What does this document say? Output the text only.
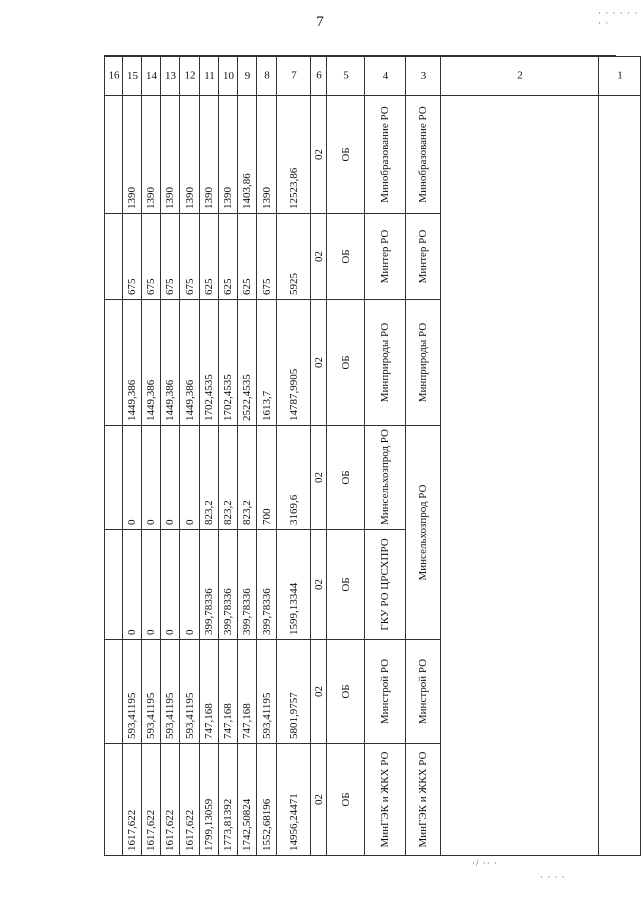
7
· · · · · · · ·
· · · ·
·/ ·· ·
							16
1617,622	593,41195	0	0	1449,386	675	1390	15
1617,622	593,41195	0	0	1449,386	675	1390	14
1617,622	593,41195	0	0	1449,386	675	1390	13
1617,622	593,41195	0	0	1449,386	675	1390	12
1799,13059	747,168	399,78336	823,2	1702,4535	625	1390	11
1773,81392	747,168	399,78336	823,2	1702,4535	625	1390	10
1742,50824	747,168	399,78336	823,2	2522,4535	625	1403,86	9
1552,68196	593,41195	399,78336	700	1613,7	675	1390	8
14956,24471	5801,9757	1599,13344	3169,6	14787,9905	5925	12523,86	7
02	02	02	02	02	02	02	6
ОБ	ОБ	ОБ	ОБ	ОБ	ОБ	ОБ	5
МинГЭК и ЖКХ РО	Минстрой РО	ГКУ РО ЦРСХПРО	Минсельхозпрод РО	Минприроды РО	Минтер РО	Минобразование РО	4
МинГЭК и ЖКХ РО	Минстрой РО	Минсельхозпрод РО		Минприроды РО	Минтер РО	Минобразование РО	3
							2
							1
